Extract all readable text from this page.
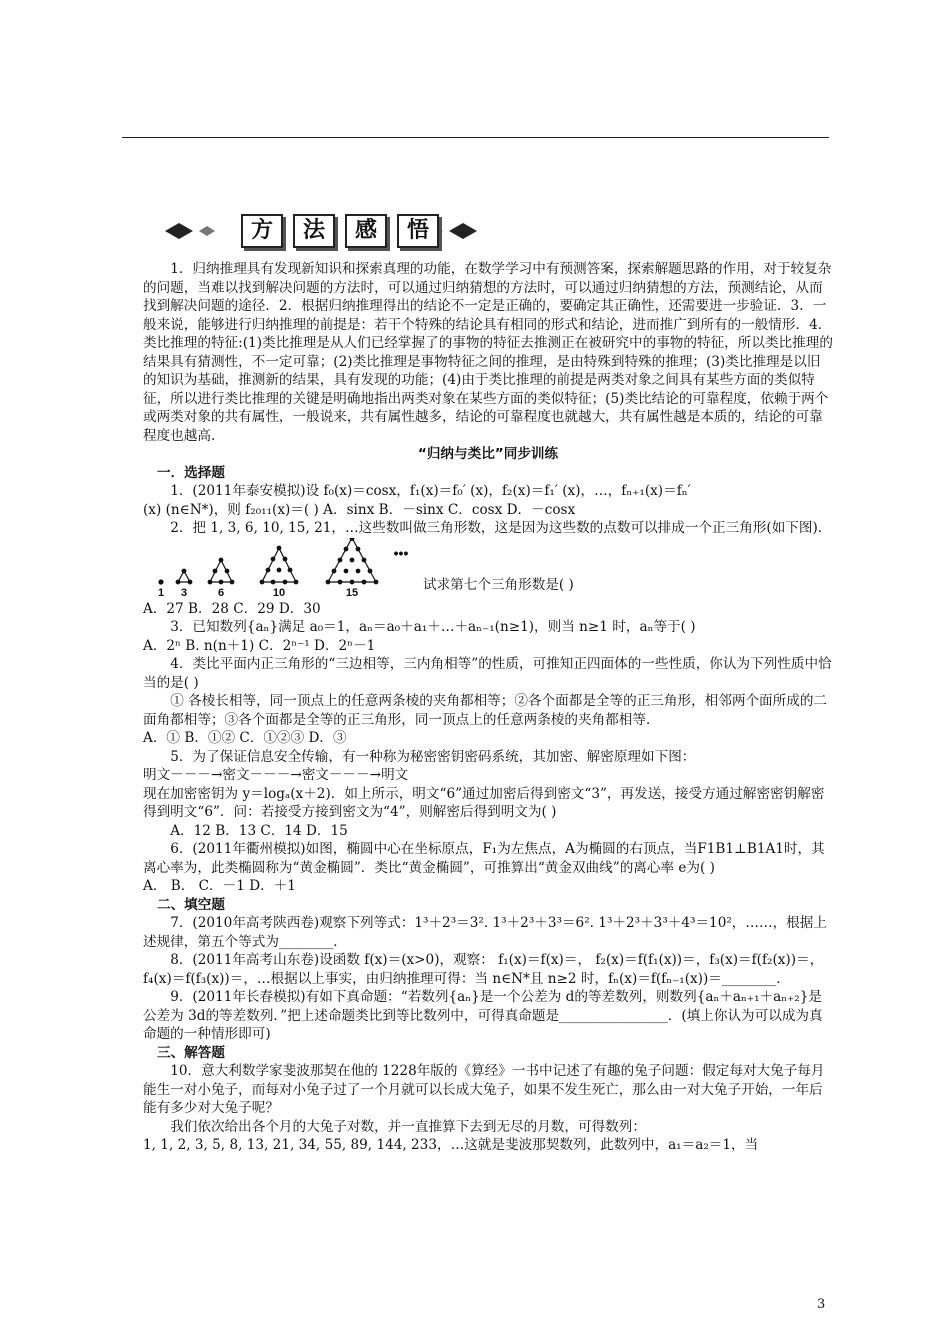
方	法	感	悟

1．归纳推理具有发现新知识和探索真理的功能，在数学学习中有预测答案，探索解题思路的作用，对于较复杂的问题，当难以找到解决问题的方法时，可以通过归纳猜想的方法时，可以通过归纳猜想的方法，预测结论，从而找到解决问题的途径．2．根据归纳推理得出的结论不一定是正确的，要确定其正确性，还需要进一步验证．3．一般来说，能够进行归纳推理的前提是：若干个特殊的结论具有相同的形式和结论，进而推广到所有的一般情形．4． 类比推理的特征:(1)类比推理是从人们已经掌握了的事物的特征去推测正在被研究中的事物的特征，所以类比推理的结果具有猜测性，不一定可靠；(2)类比推理是事物特征之间的推理，是由特殊到特殊的推理；(3)类比推理是以旧的知识为基础，推测新的结果，具有发现的功能；(4)由于类比推理的前提是两类对象之间具有某些方面的类似特征，所以进行类比推理的关键是明确地指出两类对象在某些方面的类似特征；(5)类比结论的可靠程度，依赖于两个或两类对象的共有属性，一般说来，共有属性越多，结论的可靠程度也就越大，共有属性越是本质的，结论的可靠程度也越高.

“归纳与类比”同步训练

一．选择题

1．(2011年泰安模拟)设 f₀(x)＝cosx，f₁(x)＝f₀′ (x)，f₂(x)＝f₁′ (x)，…，fₙ₊₁(x)＝fₙ′

(x) (n∈N*)，则 f₂₀₁₁(x)＝( ) A．sinx B．－sinx C．cosx D．－cosx

2．把 1, 3, 6, 10, 15, 21，…这些数叫做三角形数，这是因为这些数的点数可以排成一个正三角形(如下图)．

1 3	6	10	15
•••
试求第七个三角形数是( )

A．27 B．28 C．29 D．30

3．已知数列{aₙ}满足 a₀＝1，aₙ＝a₀＋a₁＋…＋aₙ₋₁(n≥1)，则当 n≥1 时，aₙ等于( )

A．2ⁿ B. n(n＋1) C．2ⁿ⁻¹ D．2ⁿ－1

4．类比平面内正三角形的“三边相等，三内角相等”的性质，可推知正四面体的一些性质，你认为下列性质中恰当的是( )

① 各棱长相等，同一顶点上的任意两条棱的夹角都相等；②各个面都是全等的正三角形，相邻两个面所成的二面角都相等；③各个面都是全等的正三角形，同一顶点上的任意两条棱的夹角都相等．

A．① B．①② C．①②③ D．③

5．为了保证信息安全传输，有一种称为秘密密钥密码系统，其加密、解密原理如下图：

明文－－－→密文－－－→密文－－－→明文

现在加密密钥为 y＝logₐ(x＋2)．如上所示，明文“6”通过加密后得到密文“3”，再发送，接受方通过解密密钥解密得到明文“6”．问：若接受方接到密文为“4”，则解密后得到明文为( )

A．12 B．13 C．14 D．15

6．(2011年衢州模拟)如图，椭圆中心在坐标原点，F₁为左焦点，A为椭圆的右顶点，当F1B1⊥B1A1时，其离心率为，此类椭圆称为“黄金椭圆”．类比“黄金椭圆”，可推算出“黄金双曲线”的离心率 e为( )

A． B． C．－1 D．＋1

二、填空题

7．(2010年高考陕西卷)观察下列等式：1³＋2³＝3². 1³＋2³＋3³＝6². 1³＋2³＋3³＋4³＝10²，……，根据上述规律，第五个等式为________．

8．(2011年高考山东卷)设函数 f(x)＝(x>0)，观察： f₁(x)＝f(x)＝， f₂(x)＝f(f₁(x))＝，f₃(x)＝f(f₂(x))＝，f₄(x)＝f(f₃(x))＝，…根据以上事实，由归纳推理可得：当 n∈N*且 n≥2 时，fₙ(x)＝f(fₙ₋₁(x))＝________．

9．(2011年长春模拟)有如下真命题：“若数列{aₙ}是一个公差为 d的等差数列，则数列{aₙ＋aₙ₊₁＋aₙ₊₂}是公差为 3d的等差数列．”把上述命题类比到等比数列中，可得真命题是________________．(填上你认为可以成为真命题的一种情形即可)

三、解答题

10．意大利数学家斐波那契在他的 1228年版的《算经》一书中记述了有趣的兔子问题：假定每对大兔子每月能生一对小兔子，而每对小兔子过了一个月就可以长成大兔子，如果不发生死亡，那么由一对大兔子开始，一年后能有多少对大兔子呢？

我们依次给出各个月的大兔子对数，并一直推算下去到无尽的月数，可得数列：

1, 1, 2, 3, 5, 8, 13, 21, 34, 55, 89, 144, 233，…这就是斐波那契数列，此数列中，a₁＝a₂＝1，当

3
